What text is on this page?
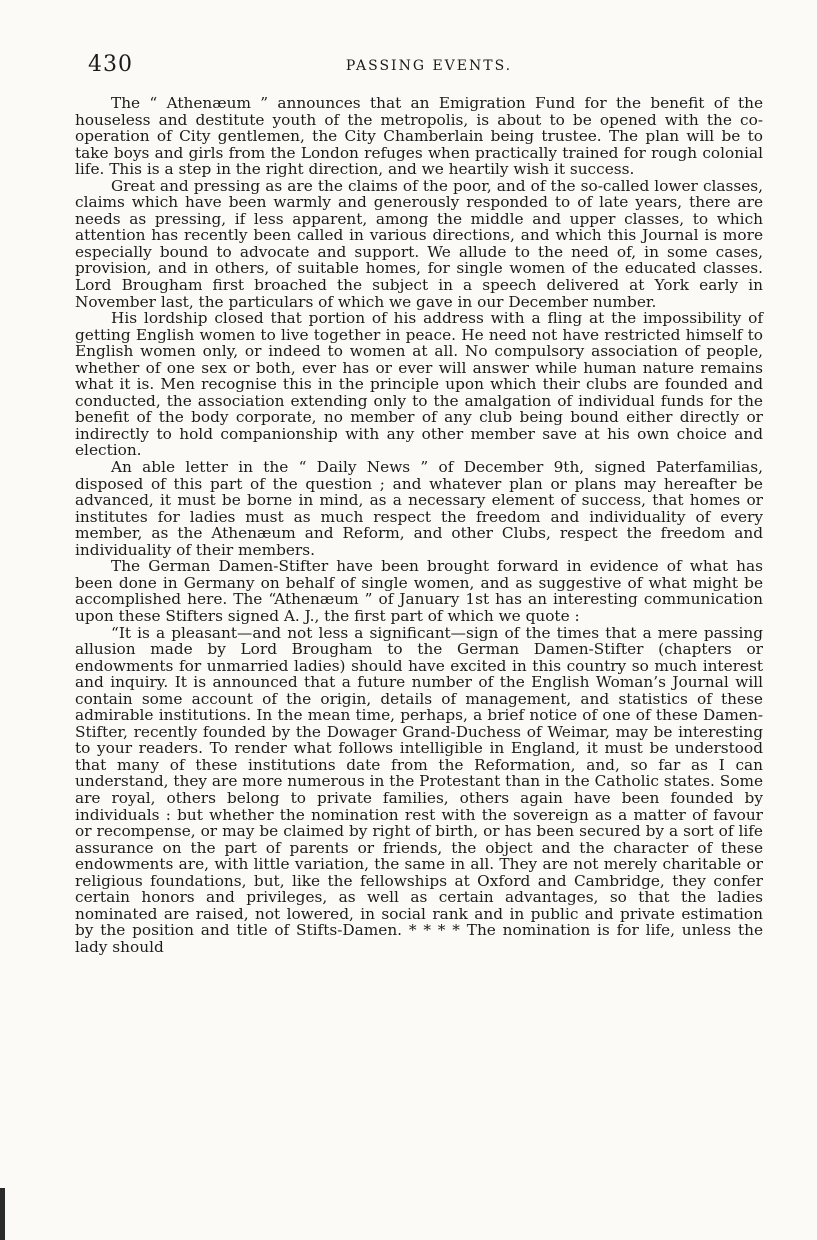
430	PASSING EVENTS.

The “ Athenæum ” announces that an Emigration Fund for the benefit of the houseless and destitute youth of the metropolis, is about to be opened with the co-operation of City gentlemen, the City Chamberlain being trustee. The plan will be to take boys and girls from the London refuges when practically trained for rough colonial life. This is a step in the right direction, and we heartily wish it success.

Great and pressing as are the claims of the poor, and of the so-called lower classes, claims which have been warmly and generously responded to of late years, there are needs as pressing, if less apparent, among the middle and upper classes, to which attention has recently been called in various directions, and which this Journal is more especially bound to advocate and support. We allude to the need of, in some cases, provision, and in others, of suitable homes, for single women of the educated classes. Lord Brougham first broached the subject in a speech delivered at York early in November last, the particulars of which we gave in our December number.

His lordship closed that portion of his address with a fling at the impossibility of getting English women to live together in peace. He need not have restricted himself to English women only, or indeed to women at all. No compulsory association of people, whether of one sex or both, ever has or ever will answer while human nature remains what it is. Men recognise this in the principle upon which their clubs are founded and conducted, the association extending only to the amalgation of individual funds for the benefit of the body corporate, no member of any club being bound either directly or indirectly to hold companionship with any other member save at his own choice and election.

An able letter in the “ Daily News ” of December 9th, signed Paterfamilias, disposed of this part of the question ; and whatever plan or plans may hereafter be advanced, it must be borne in mind, as a necessary element of success, that homes or institutes for ladies must as much respect the freedom and individuality of every member, as the Athenæum and Reform, and other Clubs, respect the freedom and individuality of their members.

The German Damen-Stifter have been brought forward in evidence of what has been done in Germany on behalf of single women, and as suggestive of what might be accomplished here. The “Athenæum ” of January 1st has an interesting communication upon these Stifters signed A. J., the first part of which we quote :

“It is a pleasant—and not less a significant—sign of the times that a mere passing allusion made by Lord Brougham to the German Damen-Stifter (chapters or endowments for unmarried ladies) should have excited in this country so much interest and inquiry. It is announced that a future number of the English Woman’s Journal will contain some account of the origin, details of management, and statistics of these admirable institutions. In the mean time, perhaps, a brief notice of one of these Damen-Stifter, recently founded by the Dowager Grand-Duchess of Weimar, may be interesting to your readers. To render what follows intelligible in England, it must be understood that many of these institutions date from the Reformation, and, so far as I can understand, they are more numerous in the Protestant than in the Catholic states. Some are royal, others belong to private families, others again have been founded by individuals : but whether the nomination rest with the sovereign as a matter of favour or recompense, or may be claimed by right of birth, or has been secured by a sort of life assurance on the part of parents or friends, the object and the character of these endowments are, with little variation, the same in all. They are not merely charitable or religious foundations, but, like the fellowships at Oxford and Cambridge, they confer certain honors and privileges, as well as certain advantages, so that the ladies nominated are raised, not lowered, in social rank and in public and private estimation by the position and title of Stifts-Damen. * * * * The nomination is for life, unless the lady should
